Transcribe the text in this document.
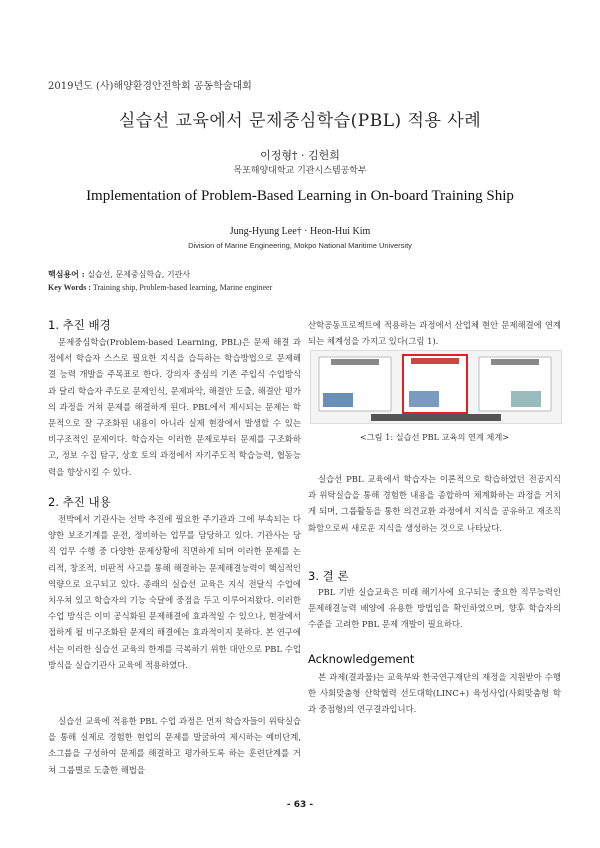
2019년도 (사)해양환경안전학회 공동학술대회
실습선 교육에서 문제중심학습(PBL) 적용 사례
이정형† · 김헌희
목포해양대학교 기관시스템공학부
Implementation of Problem-Based Learning in On-board Training Ship
Jung-Hyung Lee† · Heon-Hui Kim
Division of Marine Engineering, Mokpo National Maritime University
핵심용어 : 실습선, 문제중심학습, 기관사
Key Words : Training ship, Problem-based learning, Marine engineer
1. 추진 배경
문제중심학습(Problem-based Learning, PBL)은 문제 해결 과정에서 학습자 스스로 필요한 지식을 습득하는 학습방법으로 문제해결 능력 개발을 주목표로 한다. 강의자 중심의 기존 주입식 수업방식과 달리 학습자 주도로 문제인식, 문제파악, 해결안 도출, 해결안 평가의 과정을 거쳐 문제를 해결하게 된다. PBL에서 제시되는 문제는 학문적으로 잘 구조화된 내용이 아니라 실제 현장에서 발생할 수 있는 비구조적인 문제이다. 학습자는 이러한 문제로부터 문제를 구조화하고, 정보 수집 탐구, 상호 토의 과정에서 자기주도적 학습능력, 협동능력을 향상시킬 수 있다.
2. 추진 내용
전박에서 기관사는 선박 추진에 필요한 주기관과 그에 부속되는 다양한 보조기계를 운전, 정비하는 업무를 담당하고 있다. 기관사는 당직 업무 수행 중 다양한 문제상황에 직면하게 되며 이러한 문제를 논리적, 창조적, 비판적 사고를 통해 해결하는 문제해결능력이 핵심적인 역량으로 요구되고 있다. 종래의 실습선 교육은 지식 전달식 수업에 치우쳐 있고 학습자의 기능 숙달에 중점을 두고 이루어져왔다. 이러한 수업 방식은 이미 공식화된 문제해결에 효과적일 수 있으나, 현장에서 접하게 될 비구조화된 문제의 해결에는 효과적이지 못하다. 본 연구에서는 이러한 실습선 교육의 한계를 극복하기 위한 대안으로 PBL 수업 방식을 실습기관사 교육에 적용하였다.
실습선 교육에 적용한 PBL 수업 과정은 먼저 학습자들이 위탁실습을 통해 실제로 경험한 현업의 문제를 발굴하여 제시하는 예비단계, 소그룹을 구성하여 문제를 해결하고 평가하도록 하는 훈련단계를 거쳐 그룹별로 도출한 해법을
산학공동프로젝트에 적용하는 과정에서 산업체 현안 문제해결에 연계되는 체계성을 가지고 있다(그림 1).
<그림 1: 실습선 PBL 교육의 연계 체계>
실습선 PBL 교육에서 학습자는 이론적으로 학습하였던 전공지식과 위탁실습을 통해 경험한 내용을 종합하여 체계화하는 과정을 거치게 되며, 그룹활동을 통한 의견교환 과정에서 지식을 공유하고 재조직화함으로써 새로운 지식을 생성하는 것으로 나타났다.
3. 결 론
PBL 기반 실습교육은 미래 해기사에 요구되는 중요한 직무능력인 문제해결능력 배양에 유용한 방법임을 확인하였으며, 향후 학습자의 수준을 고려한 PBL 문제 개발이 필요하다.
Acknowledgement
본 과제(결과물)는 교육부와 한국연구재단의 재정을 지원받아 수행한 사회맞춤형 산학협력 선도대학(LINC+) 육성사업(사회맞춤형 학과 중점형)의 연구결과입니다.
- 63 -
